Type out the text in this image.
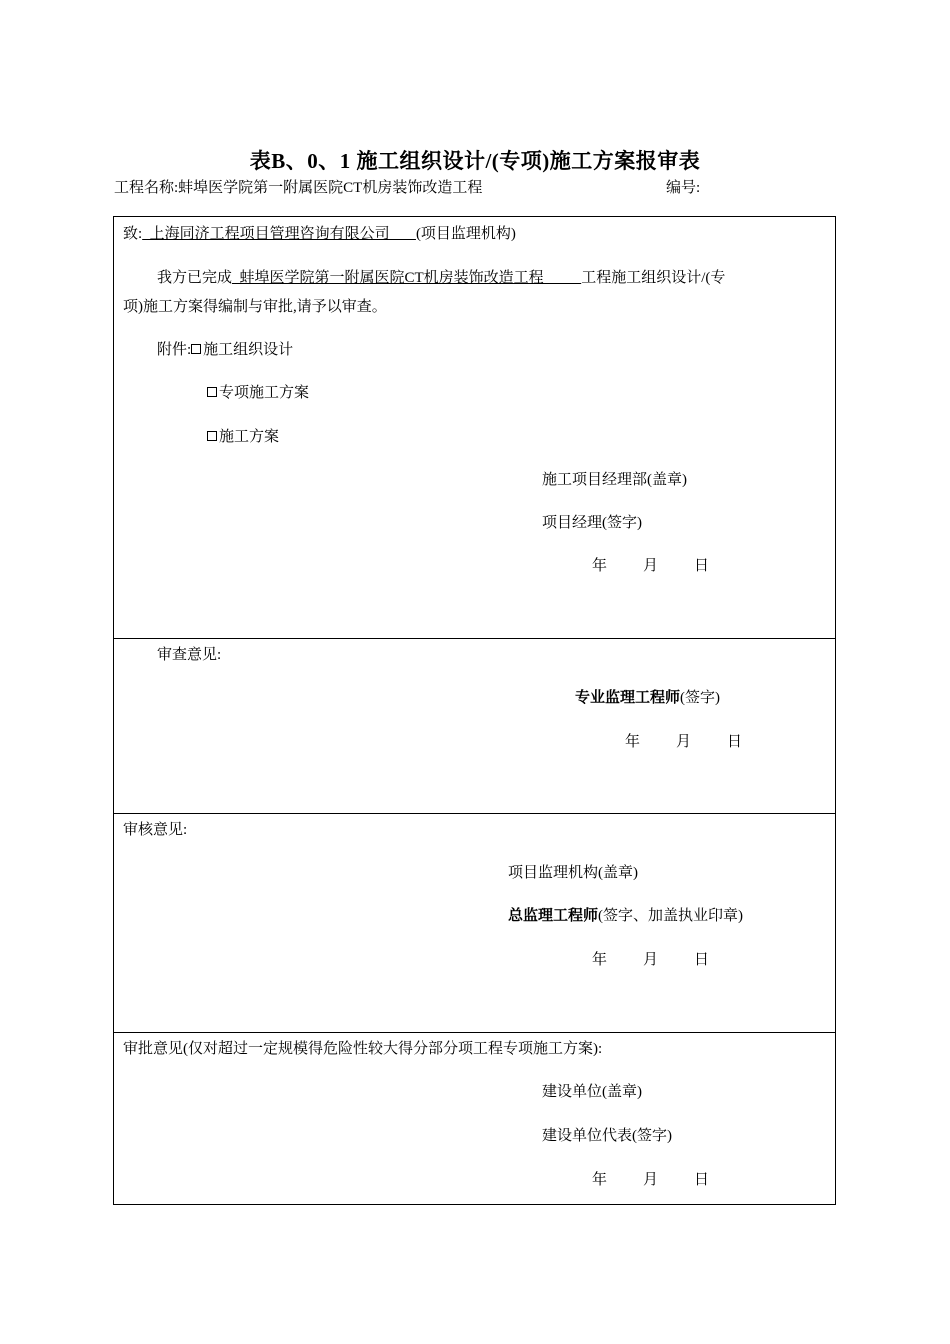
表B、0、1 施工组织设计/(专项)施工方案报审表
工程名称:蚌埠医学院第一附属医院CT机房装饰改造工程	编号:
致:  上海同济工程项目管理咨询有限公司       (项目监理机构)
我方已完成  蚌埠医学院第一附属医院CT机房装饰改造工程          工程施工组织设计/(专
项)施工方案得编制与审批,请予以审查。
附件: 施工组织设计
专项施工方案
施工方案
施工项目经理部(盖章)
项目经理(签字)
年 月 日
审查意见:
专业监理工程师(签字)
年 月 日
审核意见:
项目监理机构(盖章)
总监理工程师(签字、加盖执业印章)
年 月 日
审批意见(仅对超过一定规模得危险性较大得分部分项工程专项施工方案):
建设单位(盖章)
建设单位代表(签字)
年 月 日
